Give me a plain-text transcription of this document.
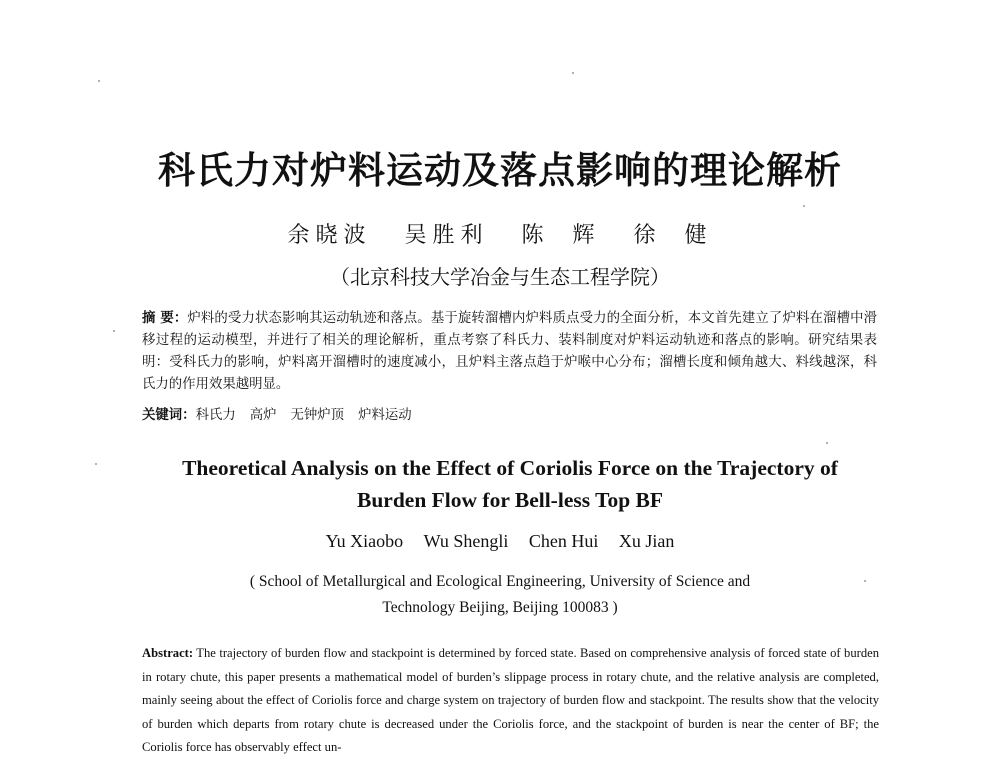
科氏力对炉料运动及落点影响的理论解析
余晓波 吴胜利 陈 辉 徐 健
（北京科技大学冶金与生态工程学院）
摘 要：炉料的受力状态影响其运动轨迹和落点。基于旋转溜槽内炉料质点受力的全面分析，本文首先建立了炉料在溜槽中滑移过程的运动模型，并进行了相关的理论解析，重点考察了科氏力、装料制度对炉料运动轨迹和落点的影响。研究结果表明：受科氏力的影响，炉料离开溜槽时的速度减小，且炉料主落点趋于炉喉中心分布；溜槽长度和倾角越大、料线越深，科氏力的作用效果越明显。
关键词：科氏力 高炉 无钟炉顶 炉料运动
Theoretical Analysis on the Effect of Coriolis Force on the Trajectory of
Burden Flow for Bell-less Top BF
Yu Xiaobo Wu Shengli Chen Hui Xu Jian
( School of Metallurgical and Ecological Engineering, University of Science and
Technology Beijing, Beijing 100083 )
Abstract: The trajectory of burden flow and stackpoint is determined by forced state. Based on comprehensive analysis of forced state of burden in rotary chute, this paper presents a mathematical model of burden’s slippage process in rotary chute, and the relative analysis are completed, mainly seeing about the effect of Coriolis force and charge system on trajectory of burden flow and stackpoint. The results show that the velocity of burden which departs from rotary chute is decreased under the Coriolis force, and the stackpoint of burden is near the center of BF; the Coriolis force has observably effect un-
